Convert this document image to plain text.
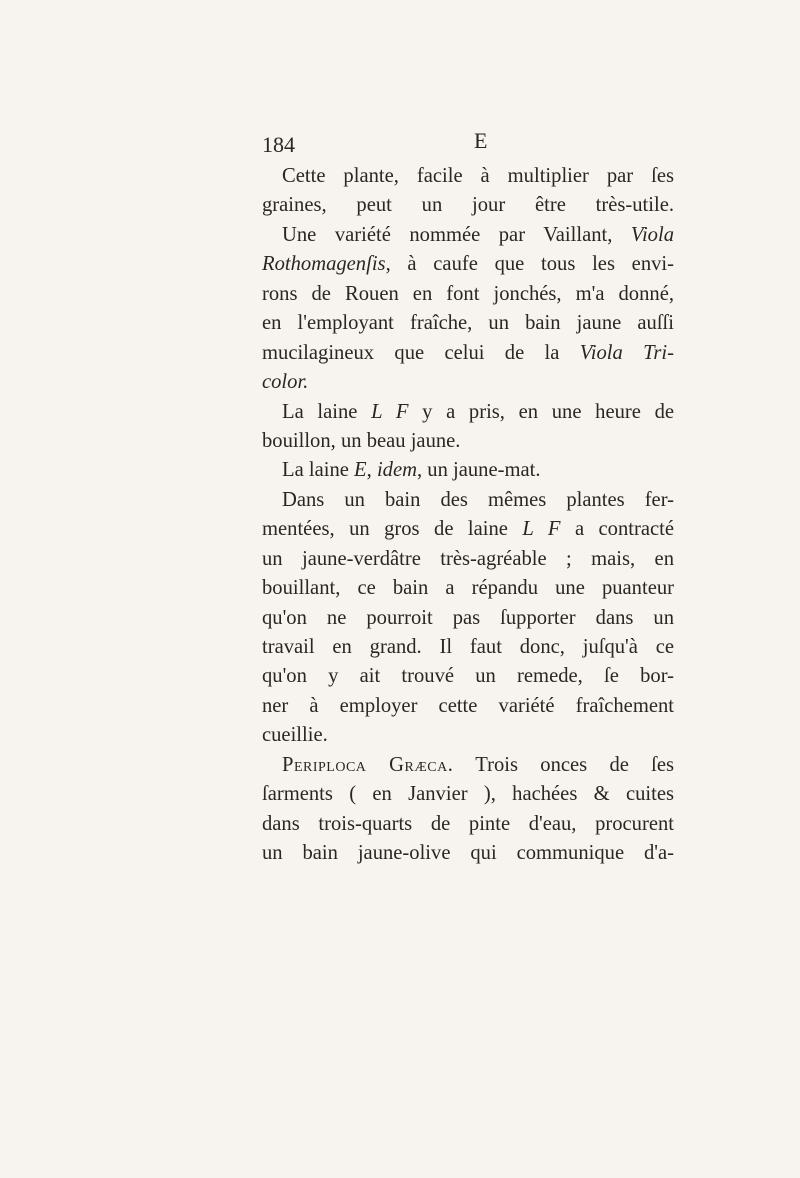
184	E
Cette plante, facile à multiplier par ſes
graines, peut un jour être très-utile.
Une variété nommée par Vaillant, Viola
Rothomagenſis, à caufe que tous les envi-
rons de Rouen en font jonchés, m'a donné,
en l'employant fraîche, un bain jaune auſſi
mucilagineux que celui de la Viola Tri-
color.
La laine L F y a pris, en une heure de
bouillon, un beau jaune.
La laine E, idem, un jaune-mat.
Dans un bain des mêmes plantes fer-
mentées, un gros de laine L F a contracté
un jaune-verdâtre très-agréable ; mais, en
bouillant, ce bain a répandu une puanteur
qu'on ne pourroit pas ſupporter dans un
travail en grand. Il faut donc, juſqu'à ce
qu'on y ait trouvé un remede, ſe bor-
ner à employer cette variété fraîchement
cueillie.
Periploca Græca. Trois onces de ſes
ſarments ( en Janvier ), hachées & cuites
dans trois-quarts de pinte d'eau, procurent
un bain jaune-olive qui communique d'a-
